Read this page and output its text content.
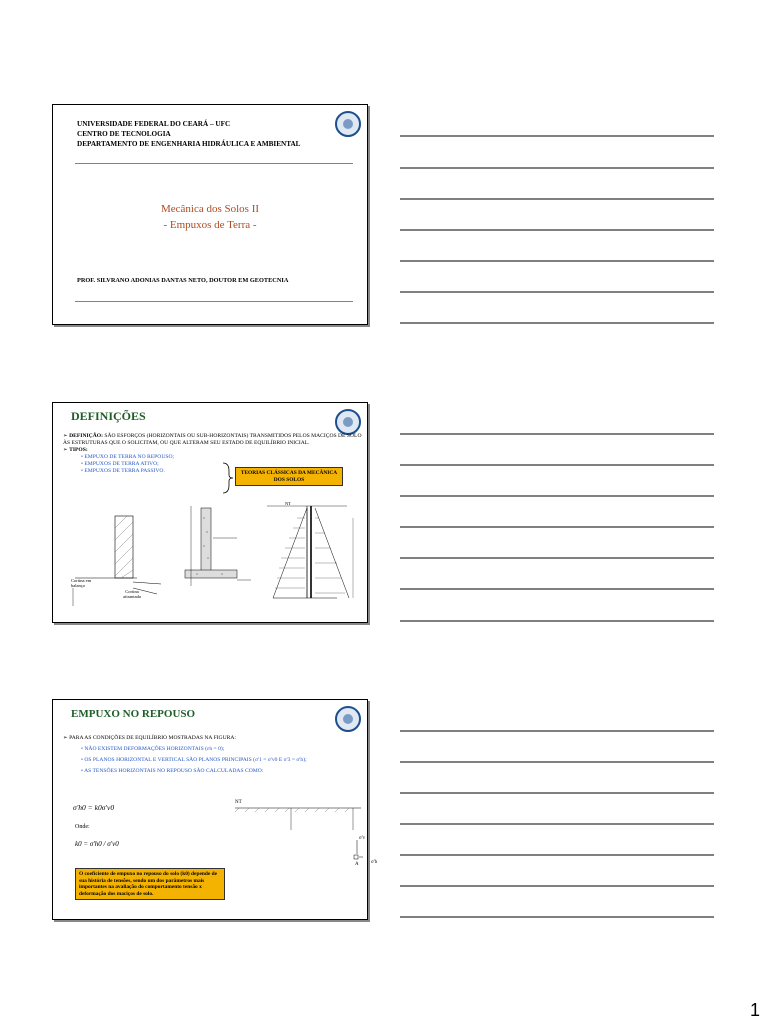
UNIVERSIDADE FEDERAL DO CEARÁ – UFC
CENTRO DE TECNOLOGIA
DEPARTAMENTO DE ENGENHARIA HIDRÁULICA E AMBIENTAL
Mecânica dos Solos II
- Empuxos de Terra -
PROF. SILVRANO ADONIAS DANTAS NETO, DOUTOR EM GEOTECNIA
DEFINIÇÕES
➢ DEFINIÇÃO: SÃO ESFORÇOS (HORIZONTAIS OU SUB-HORIZONTAIS) TRANSMITIDOS PELOS MACIÇOS DE SOLO ÀS ESTRUTURAS QUE O SOLICITAM, OU QUE ALTERAM SEU ESTADO DE EQUILÍBRIO INICIAL.
➢ TIPOS:
• EMPUXO DE TERRA NO REPOUSO;
• EMPUXOS DE TERRA ATIVO;
• EMPUXOS DE TERRA PASSIVO.	TEORIAS CLÁSSICAS DA MECÂNICA DOS SOLOS
Cortina em balanço
Cortina atirantada
NT
EMPUXO NO REPOUSO
➢ PARA AS CONDIÇÕES DE EQUILÍBRIO MOSTRADAS NA FIGURA:
• NÃO EXISTEM DEFORMAÇÕES HORIZONTAIS (εh = 0);
• OS PLANOS HORIZONTAL E VERTICAL SÃO PLANOS PRINCIPAIS (σ'1 = σ'v0 E σ'3 = σ'h);
• AS TENSÕES HORIZONTAIS NO REPOUSO SÃO CALCULADAS COMO:
σ'h0 = k0σ'v0
Onde:
k0 = σ'h0 / σ'v0
O coeficiente de empuxo no repouso do solo (k0) depende de sua história de tensões, sendo um dos parâmetros mais importantes na avaliação do comportamento tensão x deformação dos maciços de solo.
NT
σ'v
A σ'h
1
